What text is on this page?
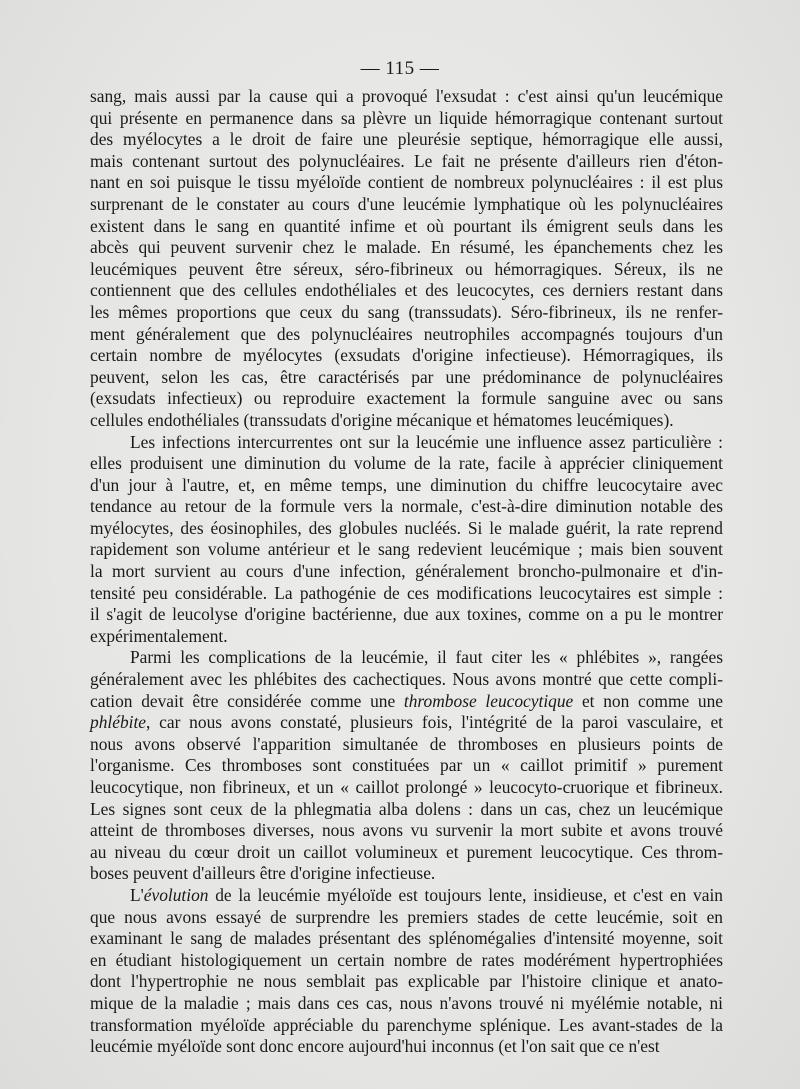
— 115 —
sang, mais aussi par la cause qui a provoqué l'exsudat : c'est ainsi qu'un leucémique
qui présente en permanence dans sa plèvre un liquide hémorragique contenant surtout
des myélocytes a le droit de faire une pleurésie septique, hémorragique elle aussi,
mais contenant surtout des polynucléaires. Le fait ne présente d'ailleurs rien d'éton-
nant en soi puisque le tissu myéloïde contient de nombreux polynucléaires : il est plus
surprenant de le constater au cours d'une leucémie lymphatique où les polynucléaires
existent dans le sang en quantité infime et où pourtant ils émigrent seuls dans les
abcès qui peuvent survenir chez le malade. En résumé, les épanchements chez les
leucémiques peuvent être séreux, séro-fibrineux ou hémorragiques. Séreux, ils ne
contiennent que des cellules endothéliales et des leucocytes, ces derniers restant dans
les mêmes proportions que ceux du sang (transsudats). Séro-fibrineux, ils ne renfer-
ment généralement que des polynucléaires neutrophiles accompagnés toujours d'un
certain nombre de myélocytes (exsudats d'origine infectieuse). Hémorragiques, ils
peuvent, selon les cas, être caractérisés par une prédominance de polynucléaires
(exsudats infectieux) ou reproduire exactement la formule sanguine avec ou sans
cellules endothéliales (transsudats d'origine mécanique et hématomes leucémiques).
Les infections intercurrentes ont sur la leucémie une influence assez particulière :
elles produisent une diminution du volume de la rate, facile à apprécier cliniquement
d'un jour à l'autre, et, en même temps, une diminution du chiffre leucocytaire avec
tendance au retour de la formule vers la normale, c'est-à-dire diminution notable des
myélocytes, des éosinophiles, des globules nucléés. Si le malade guérit, la rate reprend
rapidement son volume antérieur et le sang redevient leucémique ; mais bien souvent
la mort survient au cours d'une infection, généralement broncho-pulmonaire et d'in-
tensité peu considérable. La pathogénie de ces modifications leucocytaires est simple :
il s'agit de leucolyse d'origine bactérienne, due aux toxines, comme on a pu le montrer
expérimentalement.
Parmi les complications de la leucémie, il faut citer les « phlébites », rangées
généralement avec les phlébites des cachectiques. Nous avons montré que cette compli-
cation devait être considérée comme une thrombose leucocytique et non comme une
phlébite, car nous avons constaté, plusieurs fois, l'intégrité de la paroi vasculaire, et
nous avons observé l'apparition simultanée de thromboses en plusieurs points de
l'organisme. Ces thromboses sont constituées par un « caillot primitif » purement
leucocytique, non fibrineux, et un « caillot prolongé » leucocyto-cruorique et fibrineux.
Les signes sont ceux de la phlegmatia alba dolens : dans un cas, chez un leucémique
atteint de thromboses diverses, nous avons vu survenir la mort subite et avons trouvé
au niveau du cœur droit un caillot volumineux et purement leucocytique. Ces throm-
boses peuvent d'ailleurs être d'origine infectieuse.
L'évolution de la leucémie myéloïde est toujours lente, insidieuse, et c'est en vain
que nous avons essayé de surprendre les premiers stades de cette leucémie, soit en
examinant le sang de malades présentant des splénomégalies d'intensité moyenne, soit
en étudiant histologiquement un certain nombre de rates modérément hypertrophiées
dont l'hypertrophie ne nous semblait pas explicable par l'histoire clinique et anato-
mique de la maladie ; mais dans ces cas, nous n'avons trouvé ni myélémie notable, ni
transformation myéloïde appréciable du parenchyme splénique. Les avant-stades de la
leucémie myéloïde sont donc encore aujourd'hui inconnus (et l'on sait que ce n'est
